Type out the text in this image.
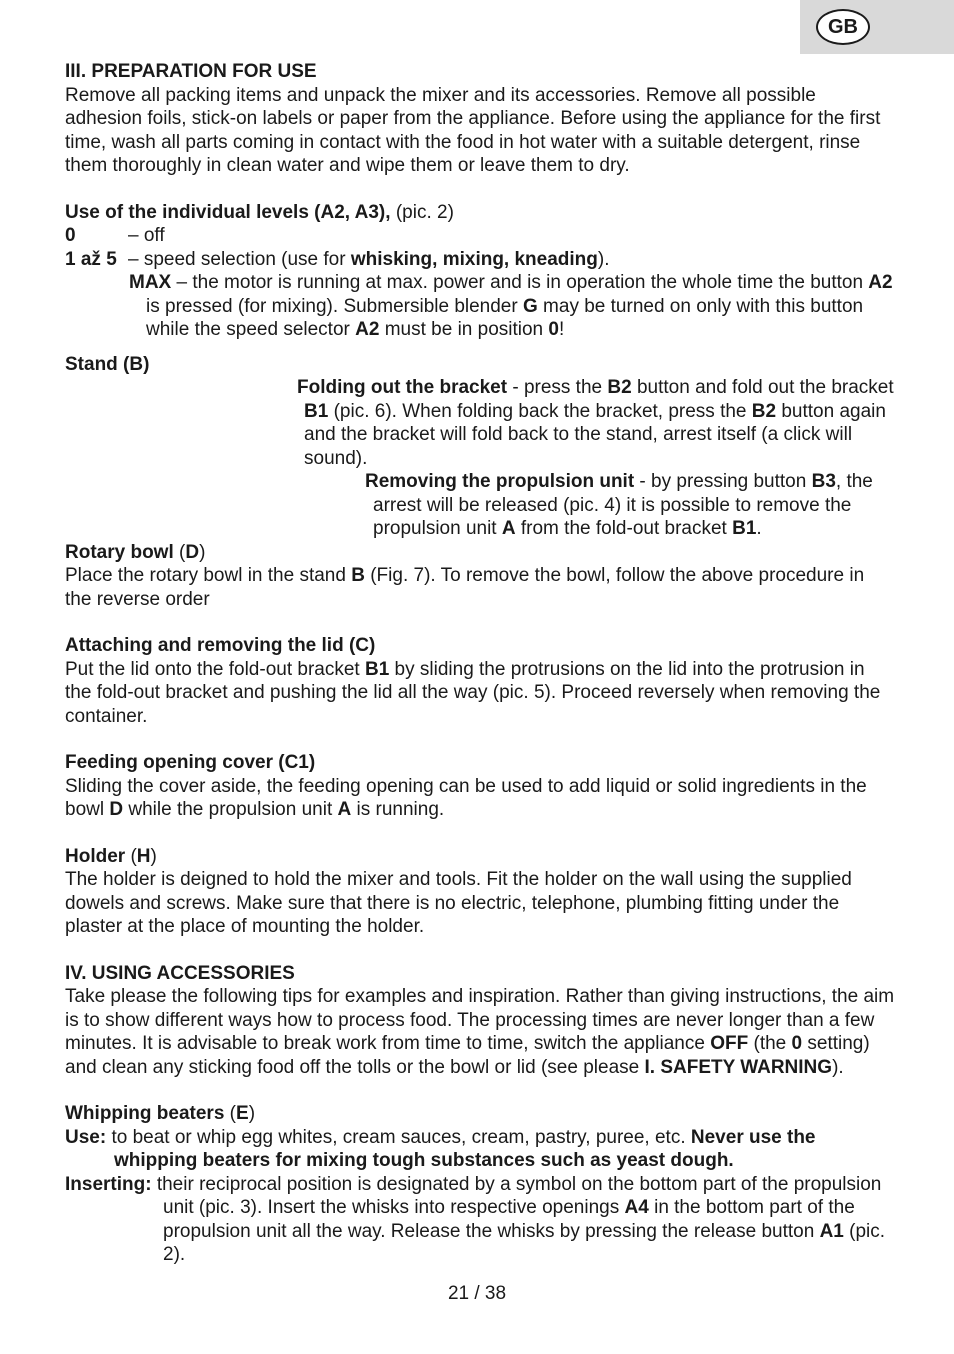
GB

III. PREPARATION FOR USE

Remove all packing items and unpack the mixer and its accessories. Remove all possible adhesion foils, stick-on labels or paper from the appliance. Before using the appliance for the first time, wash all parts coming in contact with the food in hot water with a suitable detergent, rinse them thoroughly in clean water and wipe them or leave them to dry.

Use of the individual levels (A2, A3), (pic. 2)

0	– off
1 až 5 – speed selection (use for whisking, mixing, kneading).

MAX – the motor is running at max. power and is in operation the whole time the button A2 is pressed (for mixing). Submersible blender G may be turned on only with this button while the speed selector A2 must be in position 0!

Stand (B)

Folding out the bracket - press the B2 button and fold out the bracket B1 (pic. 6). When folding back the bracket, press the B2 button again and the bracket will fold back to the stand, arrest itself (a click will sound).

Removing the propulsion unit - by pressing button B3, the arrest will be released (pic. 4) it is possible to remove the propulsion unit A from the fold-out bracket B1.

Rotary bowl (D)

Place the rotary bowl in the stand B (Fig. 7). To remove the bowl, follow the above procedure in the reverse order

Attaching and removing the lid (C)

Put the lid onto the fold-out bracket B1 by sliding the protrusions on the lid into the protrusion in the fold-out bracket and pushing the lid all the way (pic. 5). Proceed reversely when removing the container.

Feeding opening cover (C1)

Sliding the cover aside, the feeding opening can be used to add liquid or solid ingredients in the bowl D while the propulsion unit A is running.

Holder (H)

The holder is deigned to hold the mixer and tools. Fit the holder on the wall using the supplied dowels and screws. Make sure that there is no electric, telephone, plumbing fitting under the plaster at the place of mounting the holder.

IV. USING ACCESSORIES

Take please the following tips for examples and inspiration. Rather than giving instructions, the aim is to show different ways how to process food. The processing times are never longer than a few minutes. It is advisable to break work from time to time, switch the appliance OFF (the 0 setting) and clean any sticking food off the tolls or the bowl or lid (see please I. SAFETY WARNING).

Whipping beaters (E)

Use: to beat or whip egg whites, cream sauces, cream, pastry, puree, etc. Never use the whipping beaters for mixing tough substances such as yeast dough.

Inserting: their reciprocal position is designated by a symbol on the bottom part of the propulsion unit (pic. 3). Insert the whisks into respective openings A4 in the bottom part of the propulsion unit all the way. Release the whisks by pressing the release button A1 (pic. 2).

21 / 38
